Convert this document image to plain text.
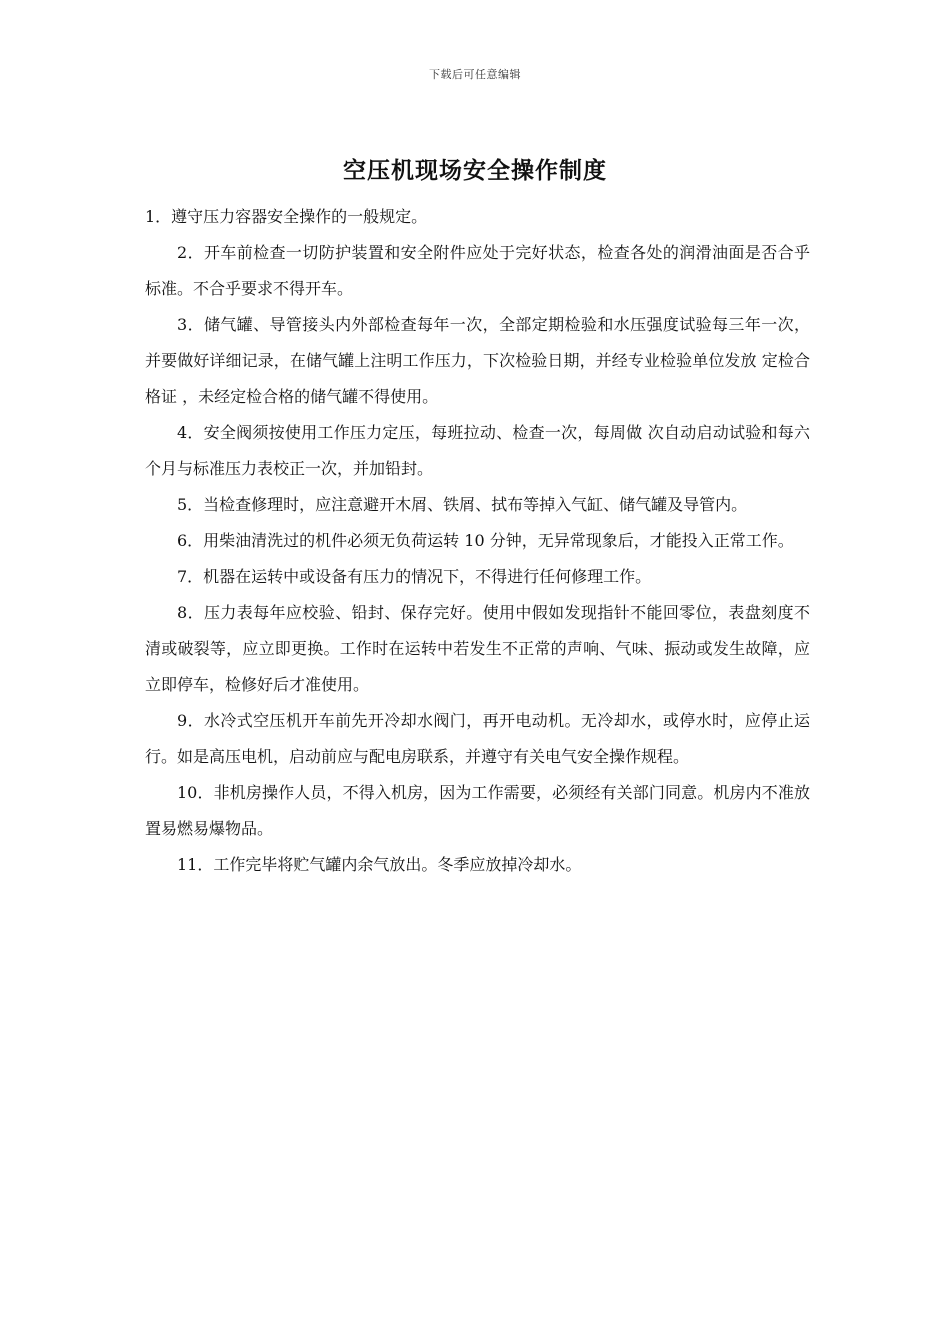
下载后可任意编辑
空压机现场安全操作制度

1．遵守压力容器安全操作的一般规定。

2．开车前检查一切防护装置和安全附件应处于完好状态，检查各处的润滑油面是否合乎标准。不合乎要求不得开车。

3．储气罐、导管接头内外部检查每年一次，全部定期检验和水压强度试验每三年一次，并要做好详细记录，在储气罐上注明工作压力，下次检验日期，并经专业检验单位发放 定检合格证 ，未经定检合格的储气罐不得使用。

4．安全阀须按使用工作压力定压，每班拉动、检查一次，每周做 次自动启动试验和每六个月与标准压力表校正一次，并加铅封。

5．当检查修理时，应注意避开木屑、铁屑、拭布等掉入气缸、储气罐及导管内。

6．用柴油清洗过的机件必须无负荷运转 10 分钟，无异常现象后，才能投入正常工作。

7．机器在运转中或设备有压力的情况下，不得进行任何修理工作。

8．压力表每年应校验、铅封、保存完好。使用中假如发现指针不能回零位，表盘刻度不清或破裂等，应立即更换。工作时在运转中若发生不正常的声响、气味、振动或发生故障，应立即停车，检修好后才准使用。

9．水冷式空压机开车前先开冷却水阀门，再开电动机。无冷却水，或停水时，应停止运行。如是高压电机，启动前应与配电房联系，并遵守有关电气安全操作规程。

10．非机房操作人员，不得入机房，因为工作需要，必须经有关部门同意。机房内不准放置易燃易爆物品。

11．工作完毕将贮气罐内余气放出。冬季应放掉冷却水。
